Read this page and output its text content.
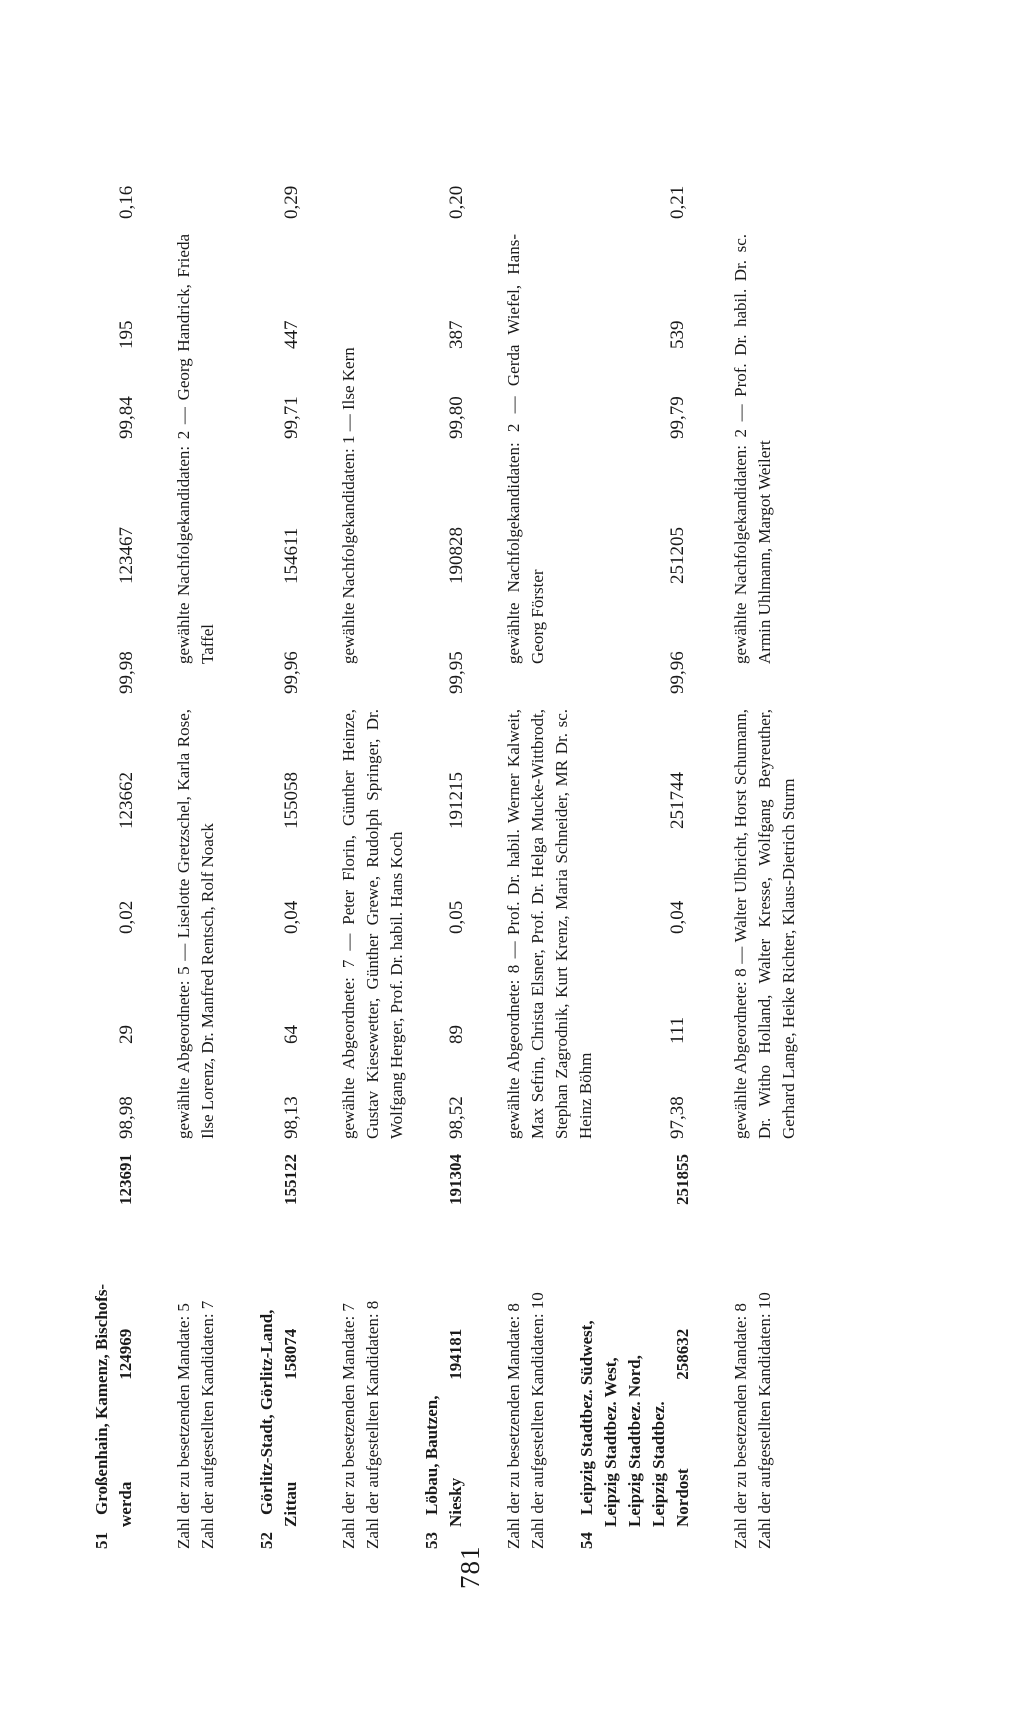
781
51
Großenhain, Kamenz, Bischofs- werda
124969
123691
98,98
29
0,02
123662
99,98
123467
99,84
195
0,16
Zahl der zu besetzenden Mandate: 5
Zahl der aufgestellten Kandidaten: 7
gewählte Abgeordnete: 5 — Liselotte Gretzschel, Karla Rose, Ilse Lorenz, Dr. Manfred Rentsch, Rolf Noack
gewählte Nachfolgekandidaten: 2 — Georg Handrick, Frieda Taffel
52
Görlitz-Stadt, Görlitz-Land, Zittau
158074
155122
98,13
64
0,04
155058
99,96
154611
99,71
447
0,29
Zahl der zu besetzenden Mandate: 7
Zahl der aufgestellten Kandidaten: 8
gewählte Abgeordnete: 7 — Peter Florin, Günther Heinze, Gustav Kiesewetter, Günther Grewe, Rudolph Springer, Dr. Wolfgang Herger, Prof. Dr. habil. Hans Koch
gewählte Nachfolgekandidaten: 1 — Ilse Kern
53
Löbau, Bautzen, Niesky
194181
191304
98,52
89
0,05
191215
99,95
190828
99,80
387
0,20
Zahl der zu besetzenden Mandate: 8
Zahl der aufgestellten Kandidaten: 10
gewählte Abgeordnete: 8 — Prof. Dr. habil. Werner Kalweit, Max Sefrin, Christa Elsner, Prof. Dr. Helga Mucke-Wittbrodt, Stephan Zagrodnik, Kurt Krenz, Maria Schneider, MR Dr. sc. Heinz Böhm
gewählte Nachfolgekandidaten: 2 — Gerda Wiefel, Hans-Georg Förster
54
Leipzig Stadtbez. Südwest, Leipzig Stadtbez. West, Leipzig Stadtbez. Nord, Leipzig Stadtbez. Nordost
258632
251855
97,38
111
0,04
251744
99,96
251205
99,79
539
0,21
Zahl der zu besetzenden Mandate: 8
Zahl der aufgestellten Kandidaten: 10
gewählte Abgeordnete: 8 — Walter Ulbricht, Horst Schumann, Dr. Witho Holland, Walter Kresse, Wolfgang Beyreuther, Gerhard Lange, Heike Richter, Klaus-Dietrich Sturm
gewählte Nachfolgekandidaten: 2 — Prof. Dr. habil. Dr. sc. Armin Uhlmann, Margot Weilert
